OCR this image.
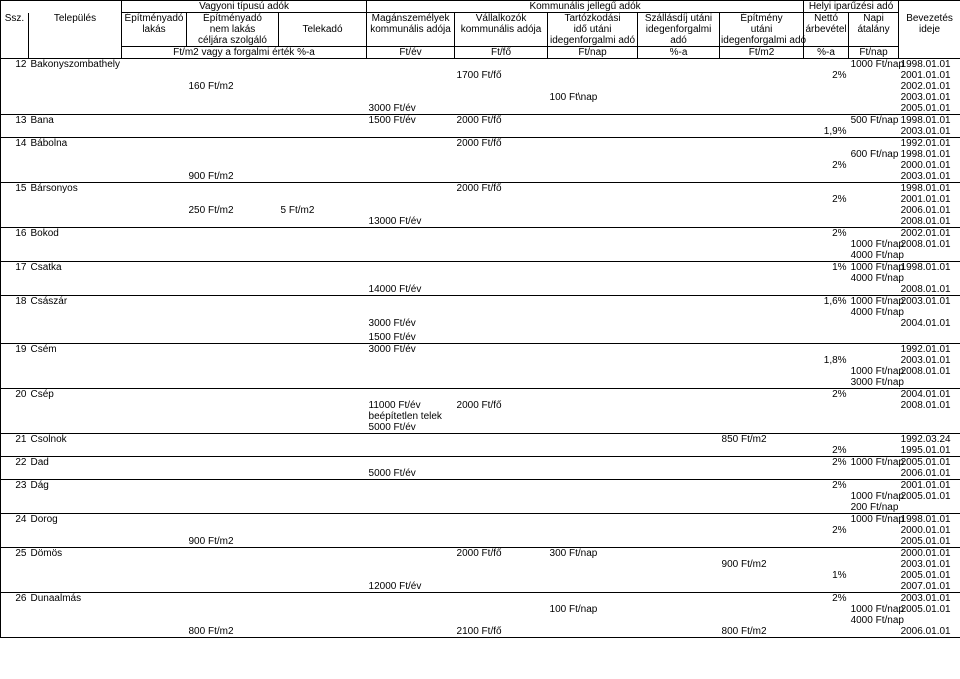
		Vagyoni típusú adók			Kommunális jellegű adók					Helyi iparűzési adó		
Ssz.	Település	Építményadó	Építményadó		Magánszemélyek	Vállalkozók	Tartózkodási	Szállásdíj utáni	Építmény	Nettó	Napi	Bevezetés
		lakás	nem lakás	Telekadó	kommunális adója	kommunális adója	idő utáni	idegenforgalmi	utáni	árbevétel	átalány	ideje
			céljára szolgáló				idegenforgalmi adó	adó	idegenforgalmi adó			
		Ft/m2 vagy a forgalmi érték %-a			Ft/év	Ft/fő	Ft/nap	%-a	Ft/m2	%-a	Ft/nap	
12	Bakonyszombathely										1000 Ft/nap	1998.01.01
						1700 Ft/fő				2%		2001.01.01
			160 Ft/m2									2002.01.01
							100 Ft\nap					2003.01.01
					3000 Ft/év							2005.01.01
13	Bana				1500 Ft/év	2000 Ft/fő					500 Ft/nap	1998.01.01
										1,9%		2003.01.01
14	Bábolna					2000 Ft/fő						1992.01.01
											600 Ft/nap	1998.01.01
										2%		2000.01.01
			900 Ft/m2									2003.01.01
15	Bársonyos					2000 Ft/fő						1998.01.01
										2%		2001.01.01
			250 Ft/m2	5 Ft/m2								2006.01.01
					13000 Ft/év							2008.01.01
16	Bokod									2%		2002.01.01
											1000 Ft/nap	2008.01.01
											4000 Ft/nap	
17	Csatka									1%	1000 Ft/nap	1998.01.01
											4000 Ft/nap	
					14000 Ft/év							2008.01.01
18	Császár									1,6%	1000 Ft/nap	2003.01.01
											4000 Ft/nap	
					3000 Ft/év							2004.01.01
					1500 Ft/év							
19	Csém				3000 Ft/év							1992.01.01
										1,8%		2003.01.01
											1000 Ft/nap	2008.01.01
											3000 Ft/nap	
20	Csép									2%		2004.01.01
					11000 Ft/év	2000 Ft/fő						2008.01.01
					beépítetlen telek							
					5000 Ft/év							
21	Csolnok								850 Ft/m2			1992.03.24
										2%		1995.01.01
22	Dad									2%	1000 Ft/nap	2005.01.01
					5000 Ft/év							2006.01.01
23	Dág									2%		2001.01.01
											1000 Ft/nap	2005.01.01
											200 Ft/nap	
24	Dorog										1000 Ft/nap	1998.01.01
										2%		2000.01.01
			900 Ft/m2									2005.01.01
25	Dömös					2000 Ft/fő	300 Ft/nap					2000.01.01
									900 Ft/m2			2003.01.01
										1%		2005.01.01
					12000 Ft/év							2007.01.01
26	Dunaalmás									2%		2003.01.01
							100 Ft/nap				1000 Ft/nap	2005.01.01
											4000 Ft/nap	
			800 Ft/m2			2100 Ft/fő			800 Ft/m2			2006.01.01
